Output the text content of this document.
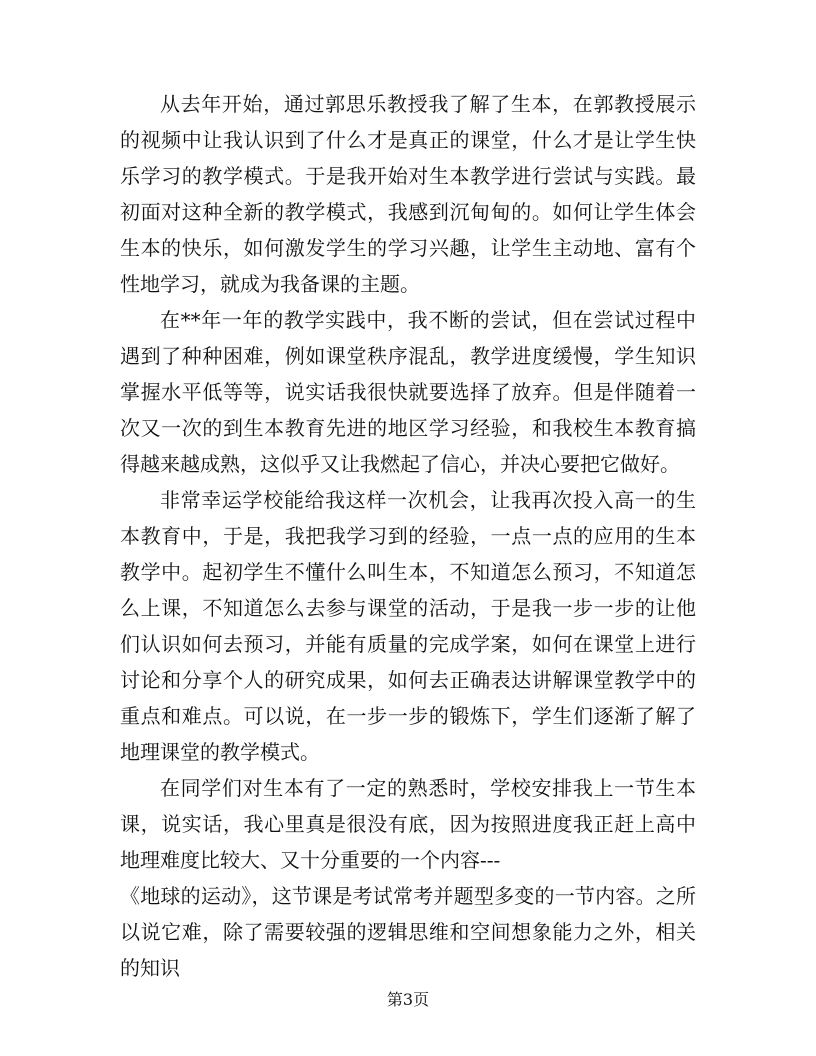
从去年开始，通过郭思乐教授我了解了生本，在郭教授展示的视频中让我认识到了什么才是真正的课堂，什么才是让学生快乐学习的教学模式。于是我开始对生本教学进行尝试与实践。最初面对这种全新的教学模式，我感到沉甸甸的。如何让学生体会生本的快乐，如何激发学生的学习兴趣，让学生主动地、富有个性地学习，就成为我备课的主题。

在**年一年的教学实践中，我不断的尝试，但在尝试过程中遇到了种种困难，例如课堂秩序混乱，教学进度缓慢，学生知识掌握水平低等等，说实话我很快就要选择了放弃。但是伴随着一次又一次的到生本教育先进的地区学习经验，和我校生本教育搞得越来越成熟，这似乎又让我燃起了信心，并决心要把它做好。

非常幸运学校能给我这样一次机会，让我再次投入高一的生本教育中，于是，我把我学习到的经验，一点一点的应用的生本教学中。起初学生不懂什么叫生本，不知道怎么预习，不知道怎么上课，不知道怎么去参与课堂的活动，于是我一步一步的让他们认识如何去预习，并能有质量的完成学案，如何在课堂上进行讨论和分享个人的研究成果，如何去正确表达讲解课堂教学中的重点和难点。可以说，在一步一步的锻炼下，学生们逐渐了解了地理课堂的教学模式。

在同学们对生本有了一定的熟悉时，学校安排我上一节生本课，说实话，我心里真是很没有底，因为按照进度我正赶上高中地理难度比较大、又十分重要的一个内容---

《地球的运动》，这节课是考试常考并题型多变的一节内容。之所以说它难，除了需要较强的逻辑思维和空间想象能力之外，相关的知识

第3页
